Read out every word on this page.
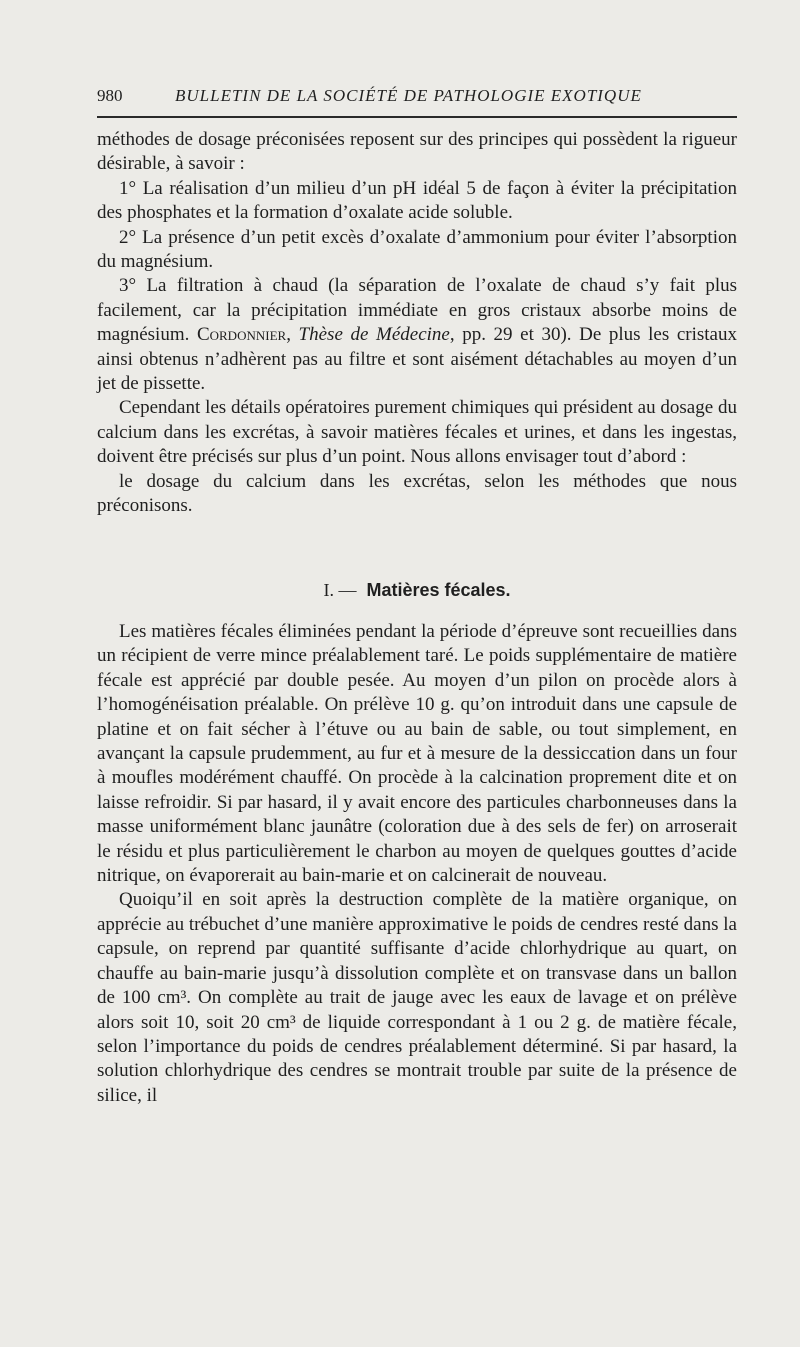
980	BULLETIN DE LA SOCIÉTÉ DE PATHOLOGIE EXOTIQUE

méthodes de dosage préconisées reposent sur des principes qui possèdent la rigueur désirable, à savoir :

1° La réalisation d’un milieu d’un pH idéal 5 de façon à éviter la précipitation des phosphates et la formation d’oxalate acide soluble.

2° La présence d’un petit excès d’oxalate d’ammonium pour éviter l’absorption du magnésium.

3° La filtration à chaud (la séparation de l’oxalate de chaud s’y fait plus facilement, car la précipitation immédiate en gros cristaux absorbe moins de magnésium. Cordonnier, Thèse de Médecine, pp. 29 et 30). De plus les cristaux ainsi obtenus n’adhèrent pas au filtre et sont aisément détachables au moyen d’un jet de pissette.

Cependant les détails opératoires purement chimiques qui président au dosage du calcium dans les excrétas, à savoir matières fécales et urines, et dans les ingestas, doivent être précisés sur plus d’un point. Nous allons envisager tout d’abord :

le dosage du calcium dans les excrétas, selon les méthodes que nous préconisons.

I. — Matières fécales.

Les matières fécales éliminées pendant la période d’épreuve sont recueillies dans un récipient de verre mince préalablement taré. Le poids supplémentaire de matière fécale est apprécié par double pesée. Au moyen d’un pilon on procède alors à l’homogénéisation préalable. On prélève 10 g. qu’on introduit dans une capsule de platine et on fait sécher à l’étuve ou au bain de sable, ou tout simplement, en avançant la capsule prudemment, au fur et à mesure de la dessiccation dans un four à moufles modérément chauffé. On procède à la calcination proprement dite et on laisse refroidir. Si par hasard, il y avait encore des particules charbonneuses dans la masse uniformément blanc jaunâtre (coloration due à des sels de fer) on arroserait le résidu et plus particulièrement le charbon au moyen de quelques gouttes d’acide nitrique, on évaporerait au bain-marie et on calcinerait de nouveau.

Quoiqu’il en soit après la destruction complète de la matière organique, on apprécie au trébuchet d’une manière approximative le poids de cendres resté dans la capsule, on reprend par quantité suffisante d’acide chlorhydrique au quart, on chauffe au bain-marie jusqu’à dissolution complète et on transvase dans un ballon de 100 cm³. On complète au trait de jauge avec les eaux de lavage et on prélève alors soit 10, soit 20 cm³ de liquide correspondant à 1 ou 2 g. de matière fécale, selon l’importance du poids de cendres préalablement déterminé. Si par hasard, la solution chlorhydrique des cendres se montrait trouble par suite de la présence de silice, il
